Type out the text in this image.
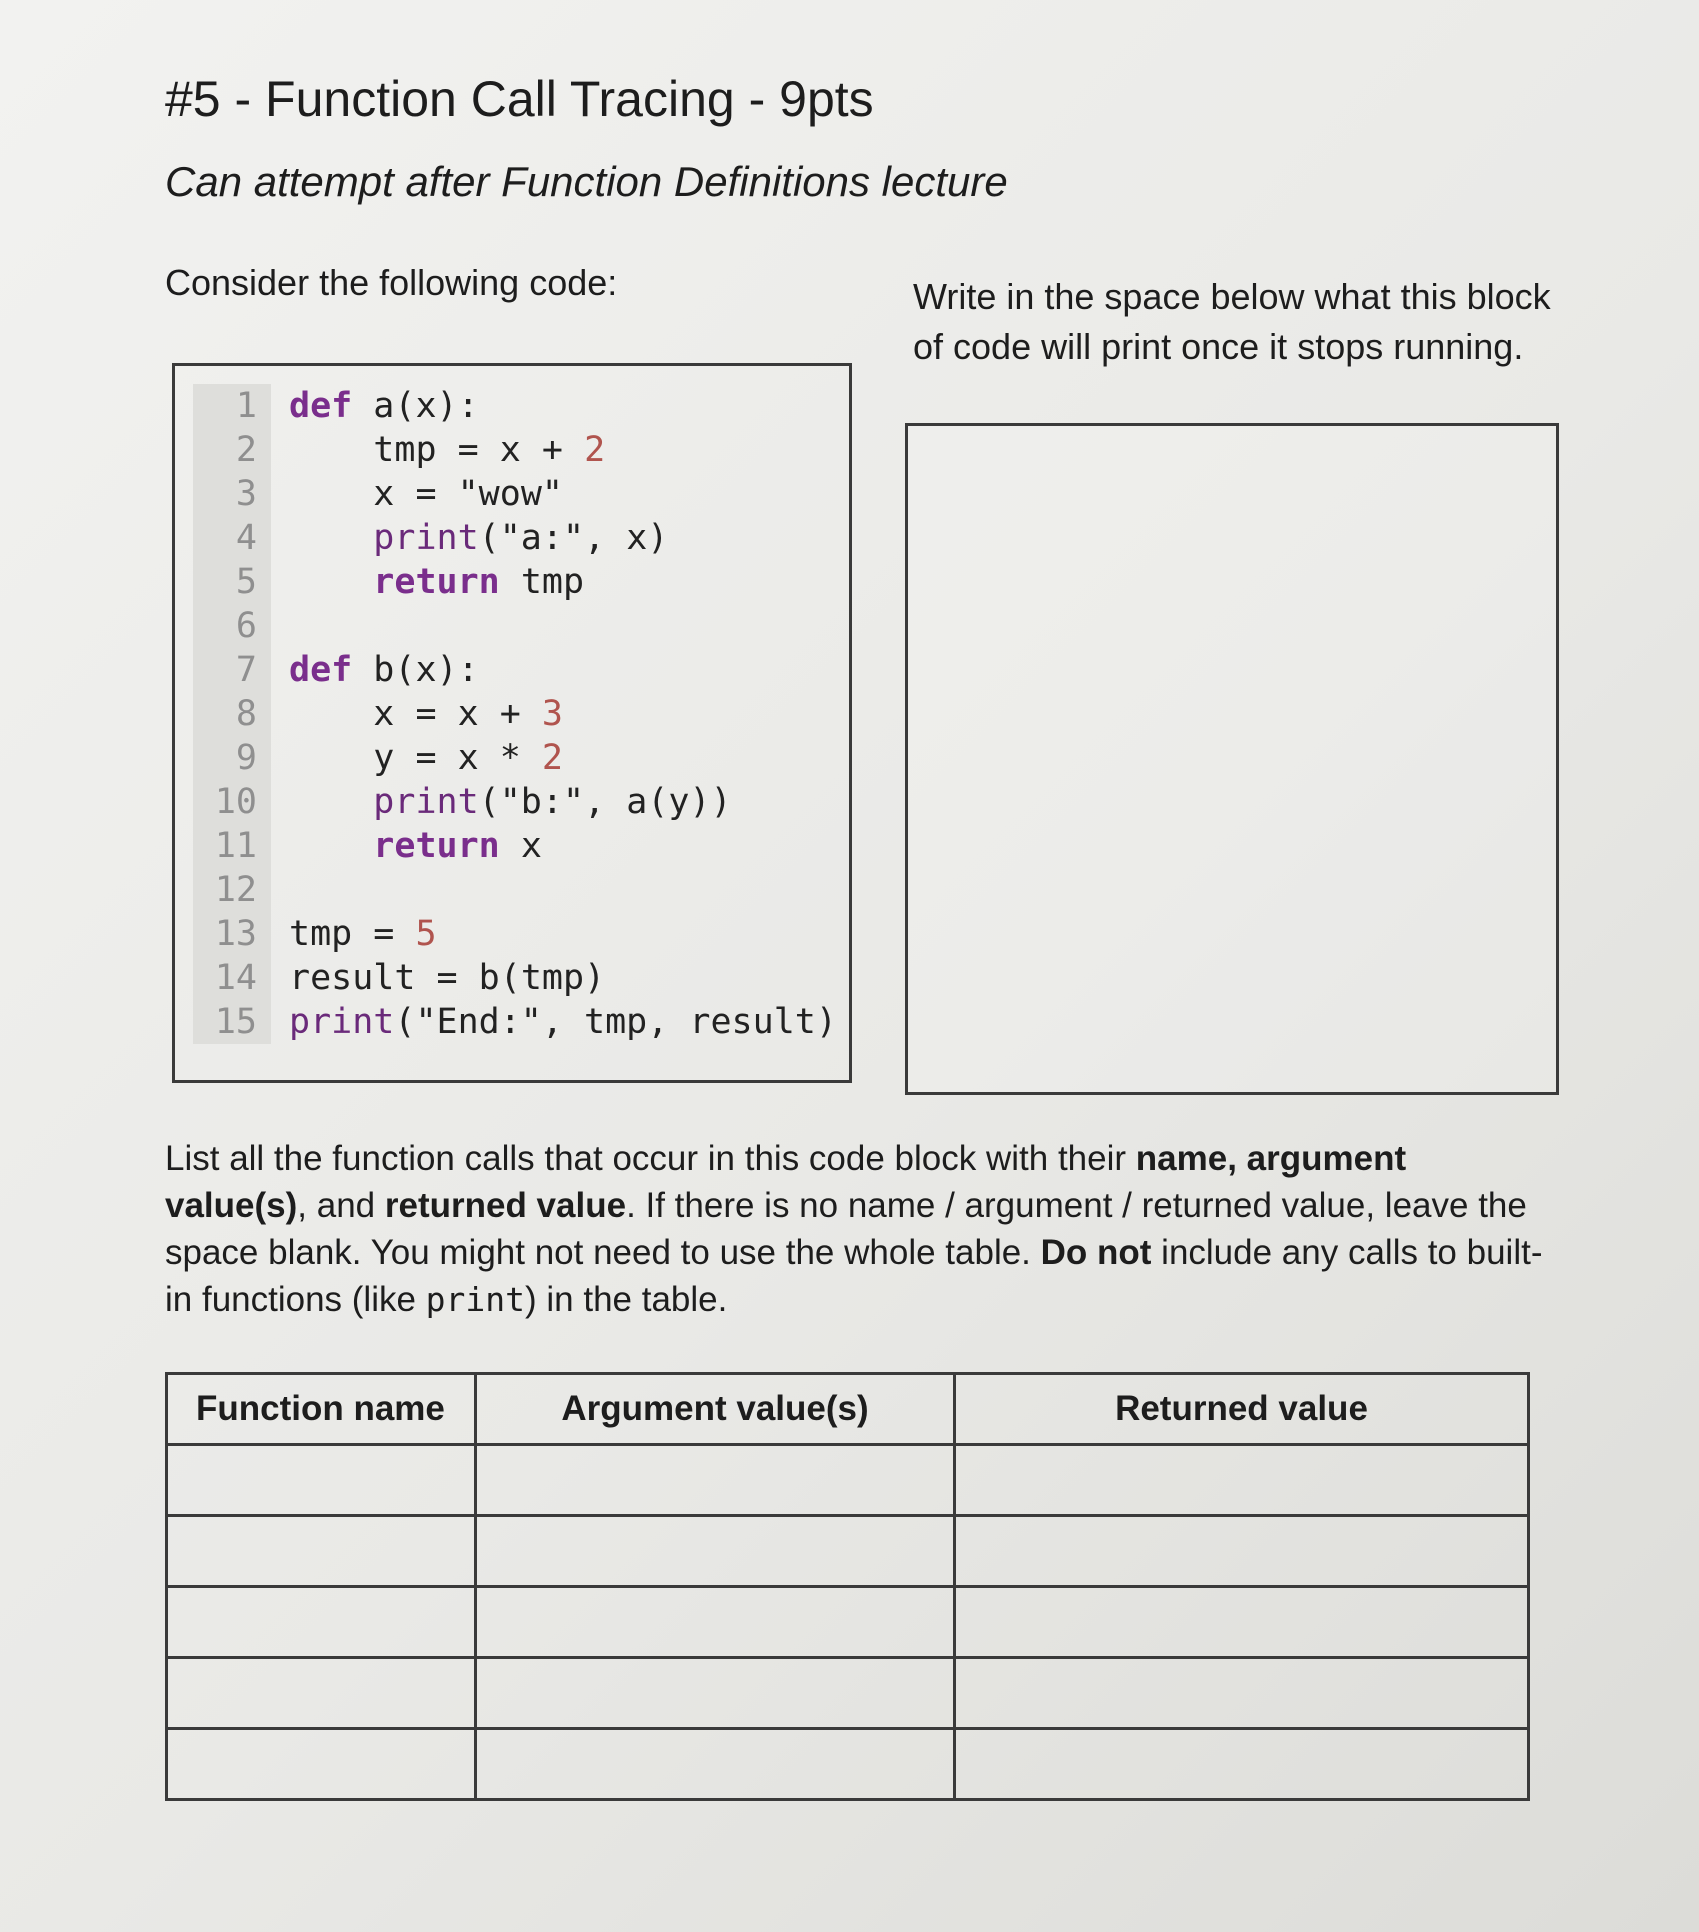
#5 - Function Call Tracing - 9pts
Can attempt after Function Definitions lecture
Consider the following code:	Write in the space below what this block of code will print once it stops running.
1 def a(x):
2	tmp = x + 2
3	x = "wow"
4	print("a:", x)
5	return tmp
6
7 def b(x):
8	x = x + 3
9	y = x * 2
10	print("b:", a(y))
11	return x
12
13 tmp = 5
14 result = b(tmp)
15 print("End:", tmp, result)
List all the function calls that occur in this code block with their name, argument value(s), and returned value. If there is no name / argument / returned value, leave the space blank. You might not need to use the whole table. Do not include any calls to built-in functions (like print) in the table.
Function name	Argument value(s)	Returned value
